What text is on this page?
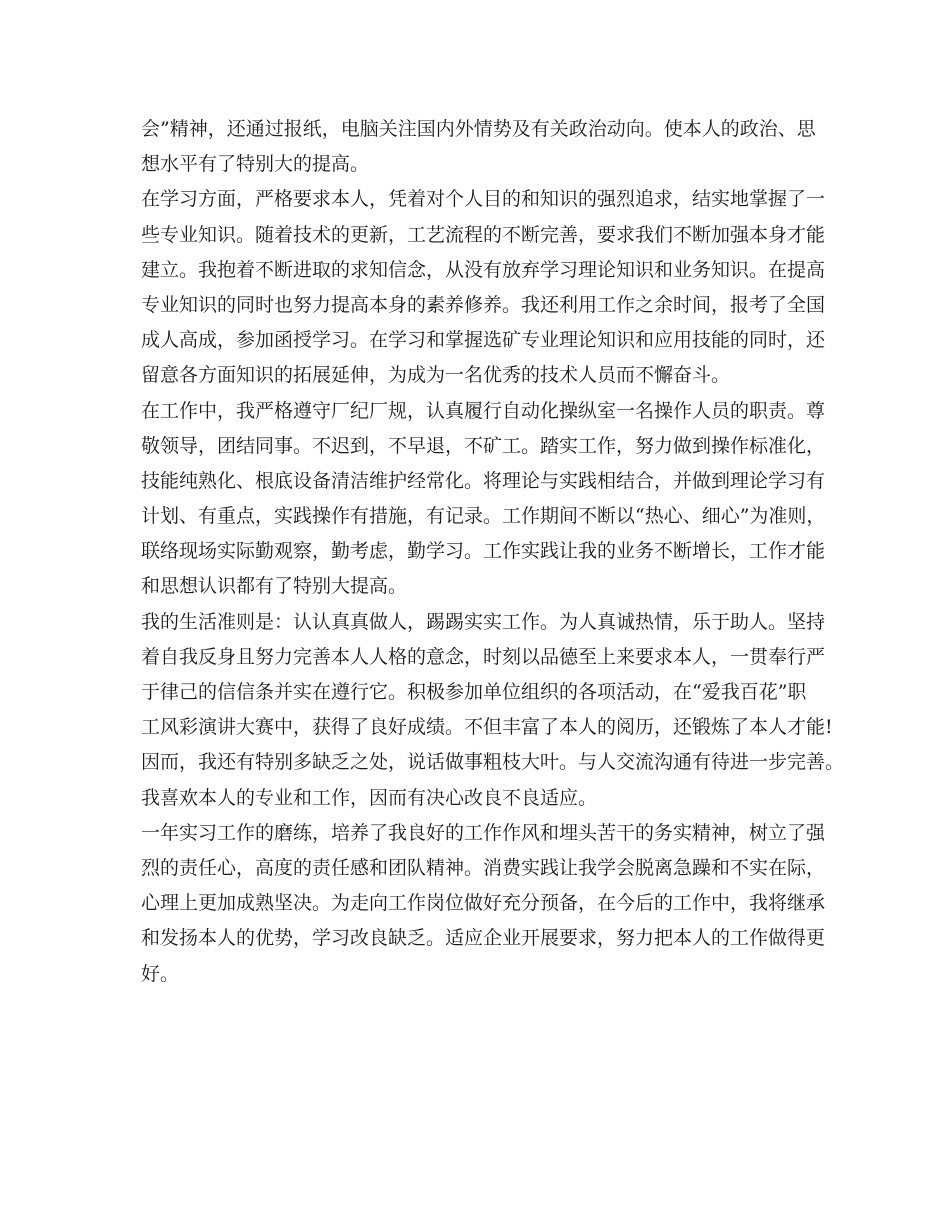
会”精神，还通过报纸，电脑关注国内外情势及有关政治动向。使本人的政治、思
想水平有了特别大的提高。
在学习方面，严格要求本人，凭着对个人目的和知识的强烈追求，结实地掌握了一
些专业知识。随着技术的更新，工艺流程的不断完善，要求我们不断加强本身才能
建立。我抱着不断进取的求知信念，从没有放弃学习理论知识和业务知识。在提高
专业知识的同时也努力提高本身的素养修养。我还利用工作之余时间，报考了全国
成人高成，参加函授学习。在学习和掌握选矿专业理论知识和应用技能的同时，还
留意各方面知识的拓展延伸，为成为一名优秀的技术人员而不懈奋斗。
在工作中，我严格遵守厂纪厂规，认真履行自动化操纵室一名操作人员的职责。尊
敬领导，团结同事。不迟到，不早退，不矿工。踏实工作，努力做到操作标准化，
技能纯熟化、根底设备清洁维护经常化。将理论与实践相结合，并做到理论学习有
计划、有重点，实践操作有措施，有记录。工作期间不断以“热心、细心”为准则，
联络现场实际勤观察，勤考虑，勤学习。工作实践让我的业务不断增长，工作才能
和思想认识都有了特别大提高。
我的生活准则是：认认真真做人，踢踢实实工作。为人真诚热情，乐于助人。坚持
着自我反身且努力完善本人人格的意念，时刻以品德至上来要求本人，一贯奉行严
于律己的信信条并实在遵行它。积极参加单位组织的各项活动，在“爱我百花”职
工风彩演讲大赛中，获得了良好成绩。不但丰富了本人的阅历，还锻炼了本人才能!
因而，我还有特别多缺乏之处，说话做事粗枝大叶。与人交流沟通有待进一步完善。
我喜欢本人的专业和工作，因而有决心改良不良适应。
一年实习工作的磨练，培养了我良好的工作作风和埋头苦干的务实精神，树立了强
烈的责任心，高度的责任感和团队精神。消费实践让我学会脱离急躁和不实在际，
心理上更加成熟坚决。为走向工作岗位做好充分预备，在今后的工作中，我将继承
和发扬本人的优势，学习改良缺乏。适应企业开展要求，努力把本人的工作做得更
好。
